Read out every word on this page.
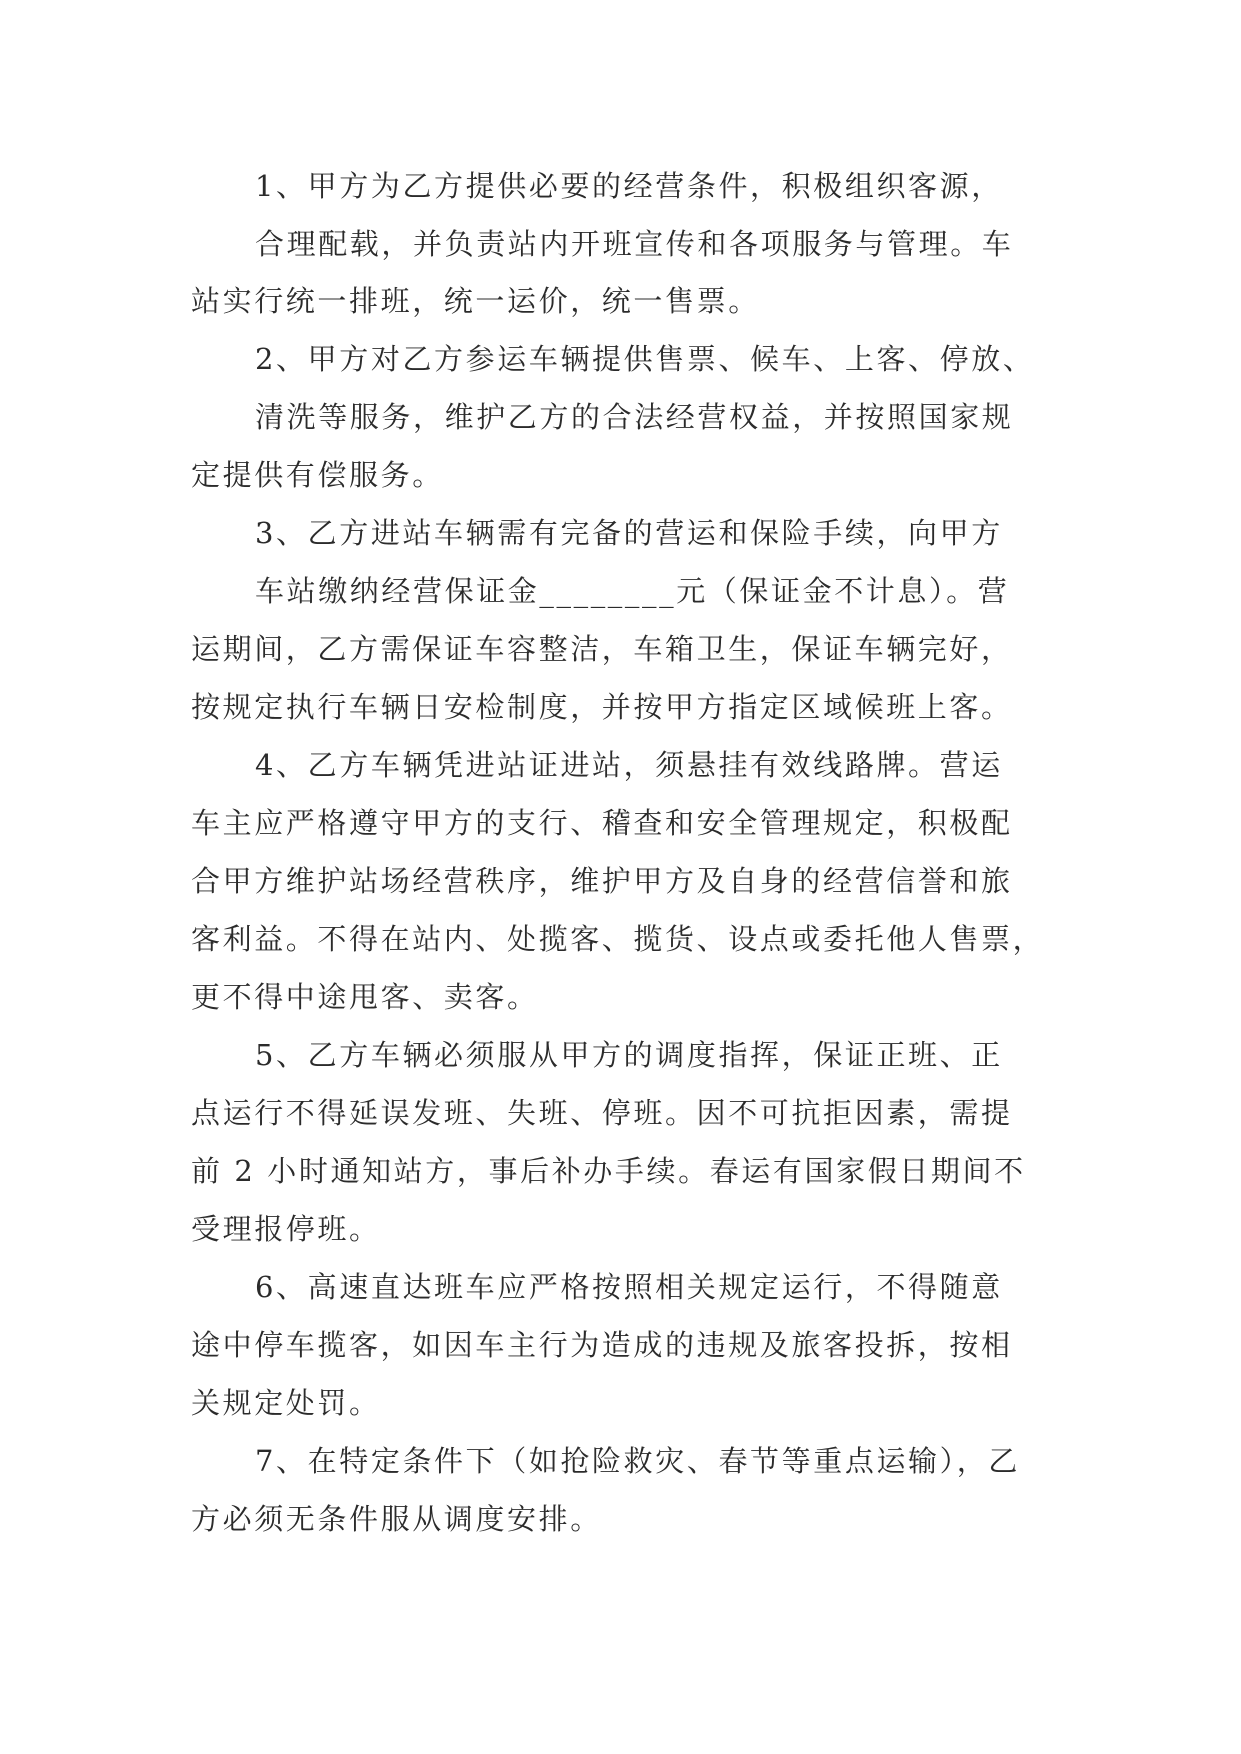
1、甲方为乙方提供必要的经营条件，积极组织客源，
合理配载，并负责站内开班宣传和各项服务与管理。车
站实行统一排班，统一运价，统一售票。
2、甲方对乙方参运车辆提供售票、候车、上客、停放、
清洗等服务，维护乙方的合法经营权益，并按照国家规
定提供有偿服务。
3、乙方进站车辆需有完备的营运和保险手续，向甲方
车站缴纳经营保证金________元（保证金不计息）。营
运期间，乙方需保证车容整洁，车箱卫生，保证车辆完好，
按规定执行车辆日安检制度，并按甲方指定区域候班上客。
4、乙方车辆凭进站证进站，须悬挂有效线路牌。营运
车主应严格遵守甲方的支行、稽查和安全管理规定，积极配
合甲方维护站场经营秩序，维护甲方及自身的经营信誉和旅
客利益。不得在站内、处揽客、揽货、设点或委托他人售票，
更不得中途甩客、卖客。
5、乙方车辆必须服从甲方的调度指挥，保证正班、正
点运行不得延误发班、失班、停班。因不可抗拒因素，需提
前 2 小时通知站方，事后补办手续。春运有国家假日期间不
受理报停班。
6、高速直达班车应严格按照相关规定运行，不得随意
途中停车揽客，如因车主行为造成的违规及旅客投拆，按相
关规定处罚。
7、在特定条件下（如抢险救灾、春节等重点运输），乙
方必须无条件服从调度安排。
